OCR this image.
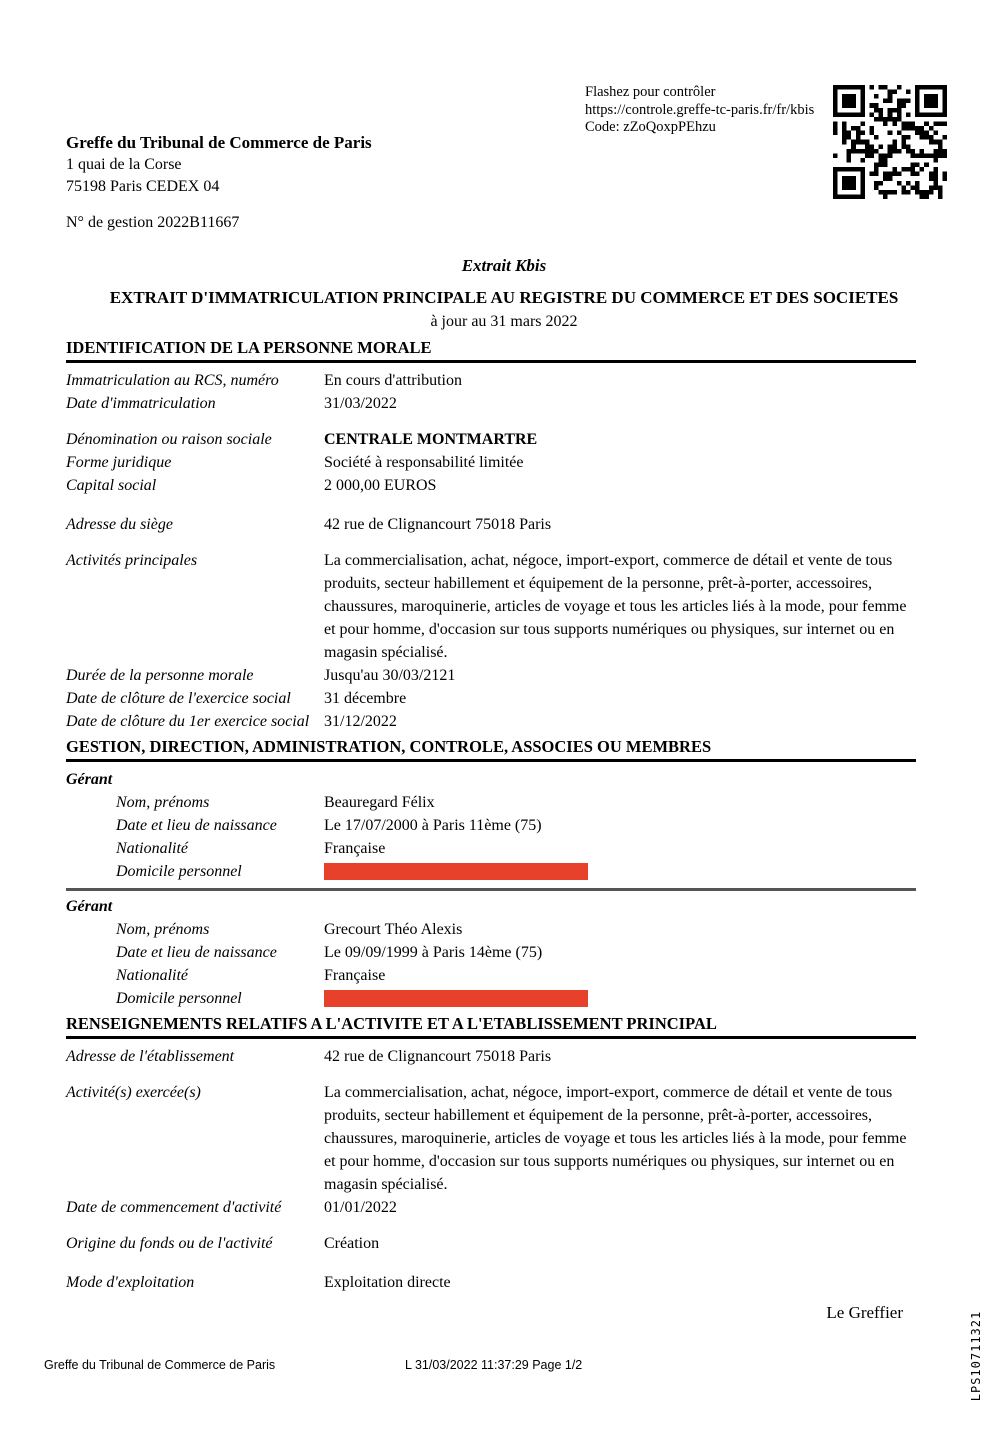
Greffe du Tribunal de Commerce de Paris
1 quai de la Corse
75198 Paris CEDEX 04
N° de gestion 2022B11667
Flashez pour contrôler
https://controle.greffe-tc-paris.fr/fr/kbis
Code: zZoQoxpPEhzu
Extrait Kbis
EXTRAIT D'IMMATRICULATION PRINCIPALE AU REGISTRE DU COMMERCE ET DES SOCIETES
à jour au 31 mars 2022
IDENTIFICATION DE LA PERSONNE MORALE
Immatriculation au RCS, numéro	En cours d'attribution
Date d'immatriculation	31/03/2022
Dénomination ou raison sociale	CENTRALE MONTMARTRE
Forme juridique	Société à responsabilité limitée
Capital social	2 000,00 EUROS
Adresse du siège	42 rue de Clignancourt 75018 Paris
Activités principales	La commercialisation, achat, négoce, import-export, commerce de détail et vente de tous produits, secteur habillement et équipement de la personne, prêt-à-porter, accessoires, chaussures, maroquinerie, articles de voyage et tous les articles liés à la mode, pour femme et pour homme, d'occasion sur tous supports numériques ou physiques, sur internet ou en magasin spécialisé.
Durée de la personne morale	Jusqu'au 30/03/2121
Date de clôture de l'exercice social	31 décembre
Date de clôture du 1er exercice social 31/12/2022
GESTION, DIRECTION, ADMINISTRATION, CONTROLE, ASSOCIES OU MEMBRES
Gérant
Nom, prénoms	Beauregard Félix
Date et lieu de naissance	Le 17/07/2000 à Paris 11ème (75)
Nationalité	Française
Domicile personnel
Gérant
Nom, prénoms	Grecourt Théo Alexis
Date et lieu de naissance	Le 09/09/1999 à Paris 14ème (75)
Nationalité	Française
Domicile personnel
RENSEIGNEMENTS RELATIFS A L'ACTIVITE ET A L'ETABLISSEMENT PRINCIPAL
Adresse de l'établissement	42 rue de Clignancourt 75018 Paris
Activité(s) exercée(s)	La commercialisation, achat, négoce, import-export, commerce de détail et vente de tous produits, secteur habillement et équipement de la personne, prêt-à-porter, accessoires, chaussures, maroquinerie, articles de voyage et tous les articles liés à la mode, pour femme et pour homme, d'occasion sur tous supports numériques ou physiques, sur internet ou en magasin spécialisé.
Date de commencement d'activité	01/01/2022
Origine du fonds ou de l'activité	Création
Mode d'exploitation	Exploitation directe
Le Greffier
Greffe du Tribunal de Commerce de Paris	L 31/03/2022 11:37:29 Page 1/2	LPS10711321
